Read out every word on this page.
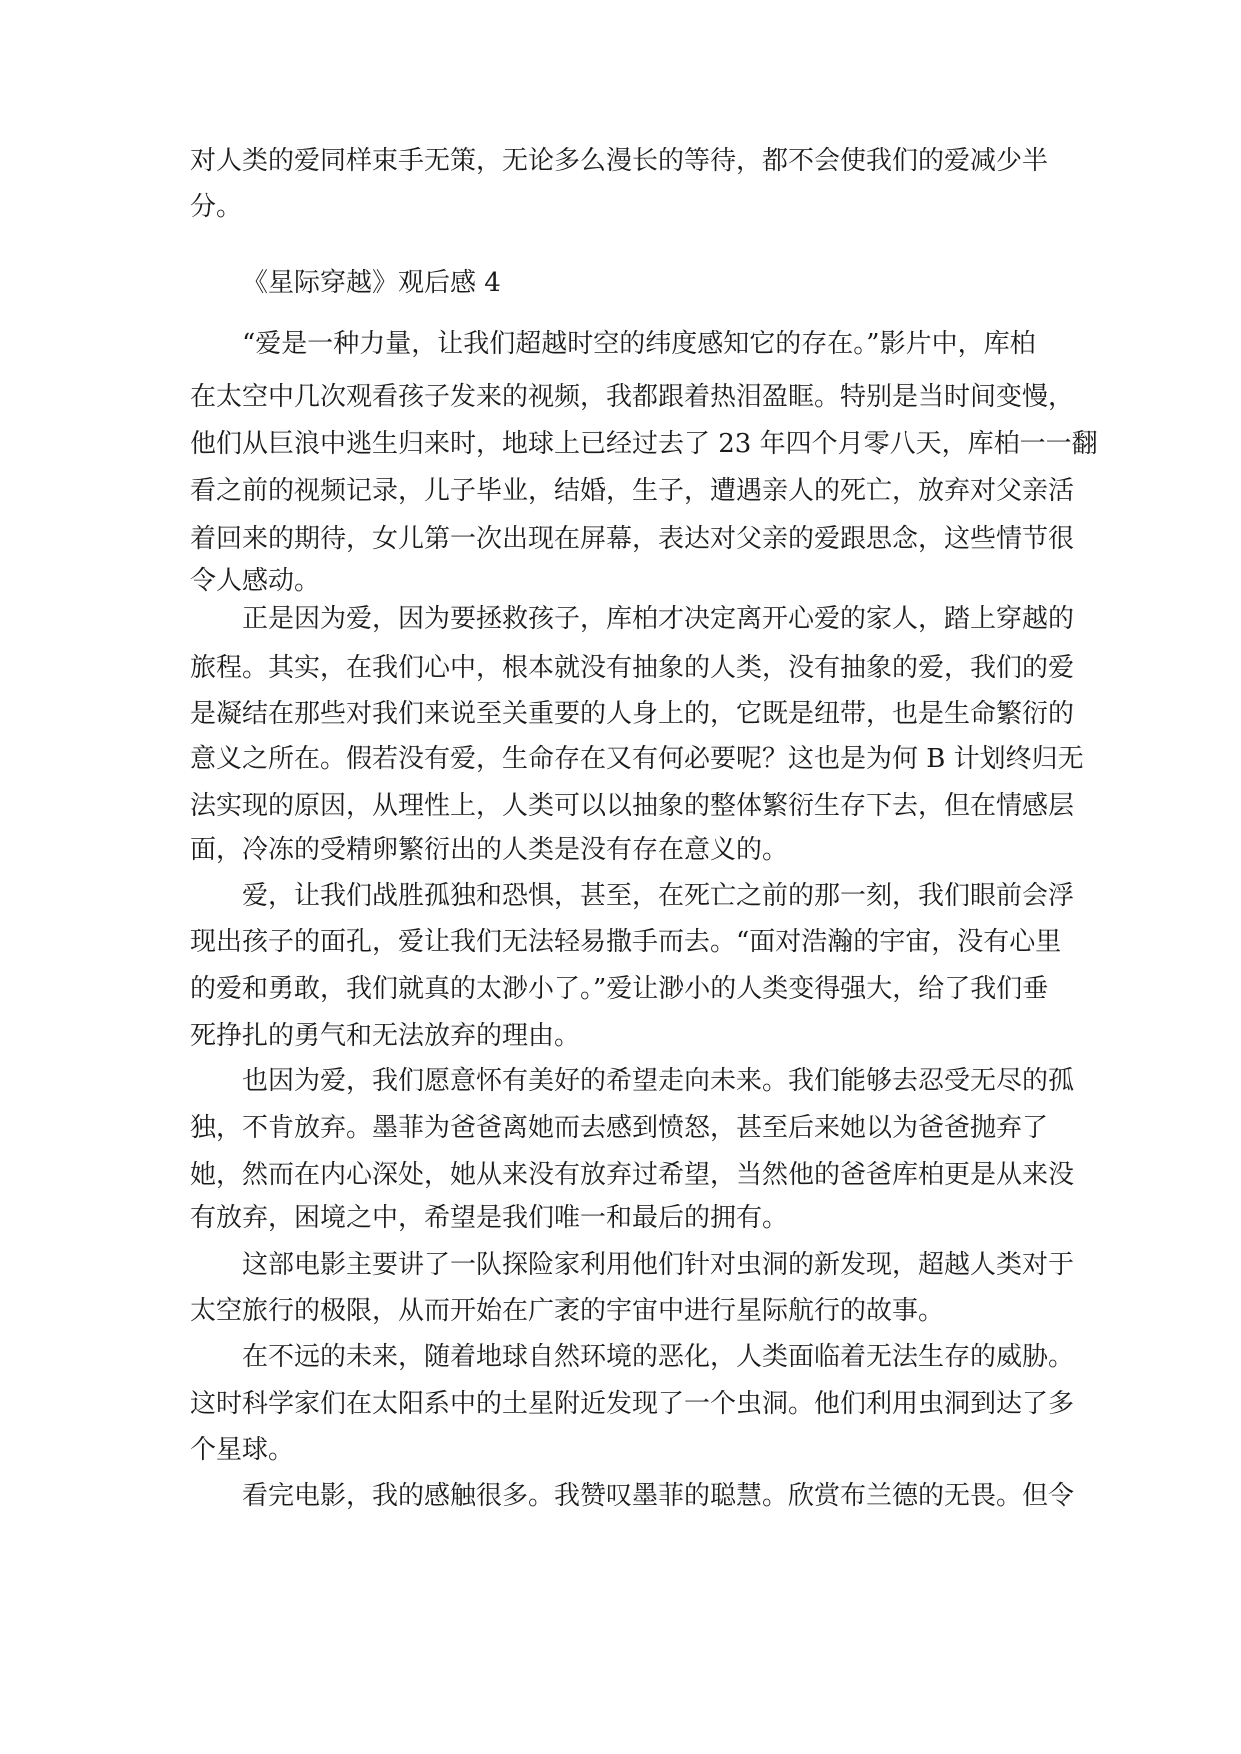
对人类的爱同样束手无策，无论多么漫长的等待，都不会使我们的爱减少半
分。
《星际穿越》观后感 4
“爱是一种力量，让我们超越时空的纬度感知它的存在。”影片中，库柏
在太空中几次观看孩子发来的视频，我都跟着热泪盈眶。特别是当时间变慢，
他们从巨浪中逃生归来时，地球上已经过去了 23 年四个月零八天，库柏一一翻
看之前的视频记录，儿子毕业，结婚，生子，遭遇亲人的死亡，放弃对父亲活
着回来的期待，女儿第一次出现在屏幕，表达对父亲的爱跟思念，这些情节很
令人感动。
正是因为爱，因为要拯救孩子，库柏才决定离开心爱的家人，踏上穿越的
旅程。其实，在我们心中，根本就没有抽象的人类，没有抽象的爱，我们的爱
是凝结在那些对我们来说至关重要的人身上的，它既是纽带，也是生命繁衍的
意义之所在。假若没有爱，生命存在又有何必要呢？这也是为何 B 计划终归无
法实现的原因，从理性上，人类可以以抽象的整体繁衍生存下去，但在情感层
面，冷冻的受精卵繁衍出的人类是没有存在意义的。
爱，让我们战胜孤独和恐惧，甚至，在死亡之前的那一刻，我们眼前会浮
现出孩子的面孔，爱让我们无法轻易撒手而去。“面对浩瀚的宇宙，没有心里
的爱和勇敢，我们就真的太渺小了。”爱让渺小的人类变得强大，给了我们垂
死挣扎的勇气和无法放弃的理由。
也因为爱，我们愿意怀有美好的希望走向未来。我们能够去忍受无尽的孤
独，不肯放弃。墨菲为爸爸离她而去感到愤怒，甚至后来她以为爸爸抛弃了
她，然而在内心深处，她从来没有放弃过希望，当然他的爸爸库柏更是从来没
有放弃，困境之中，希望是我们唯一和最后的拥有。
这部电影主要讲了一队探险家利用他们针对虫洞的新发现，超越人类对于
太空旅行的极限，从而开始在广袤的宇宙中进行星际航行的故事。
在不远的未来，随着地球自然环境的恶化，人类面临着无法生存的威胁。
这时科学家们在太阳系中的土星附近发现了一个虫洞。他们利用虫洞到达了多
个星球。
看完电影，我的感触很多。我赞叹墨菲的聪慧。欣赏布兰德的无畏。但令
